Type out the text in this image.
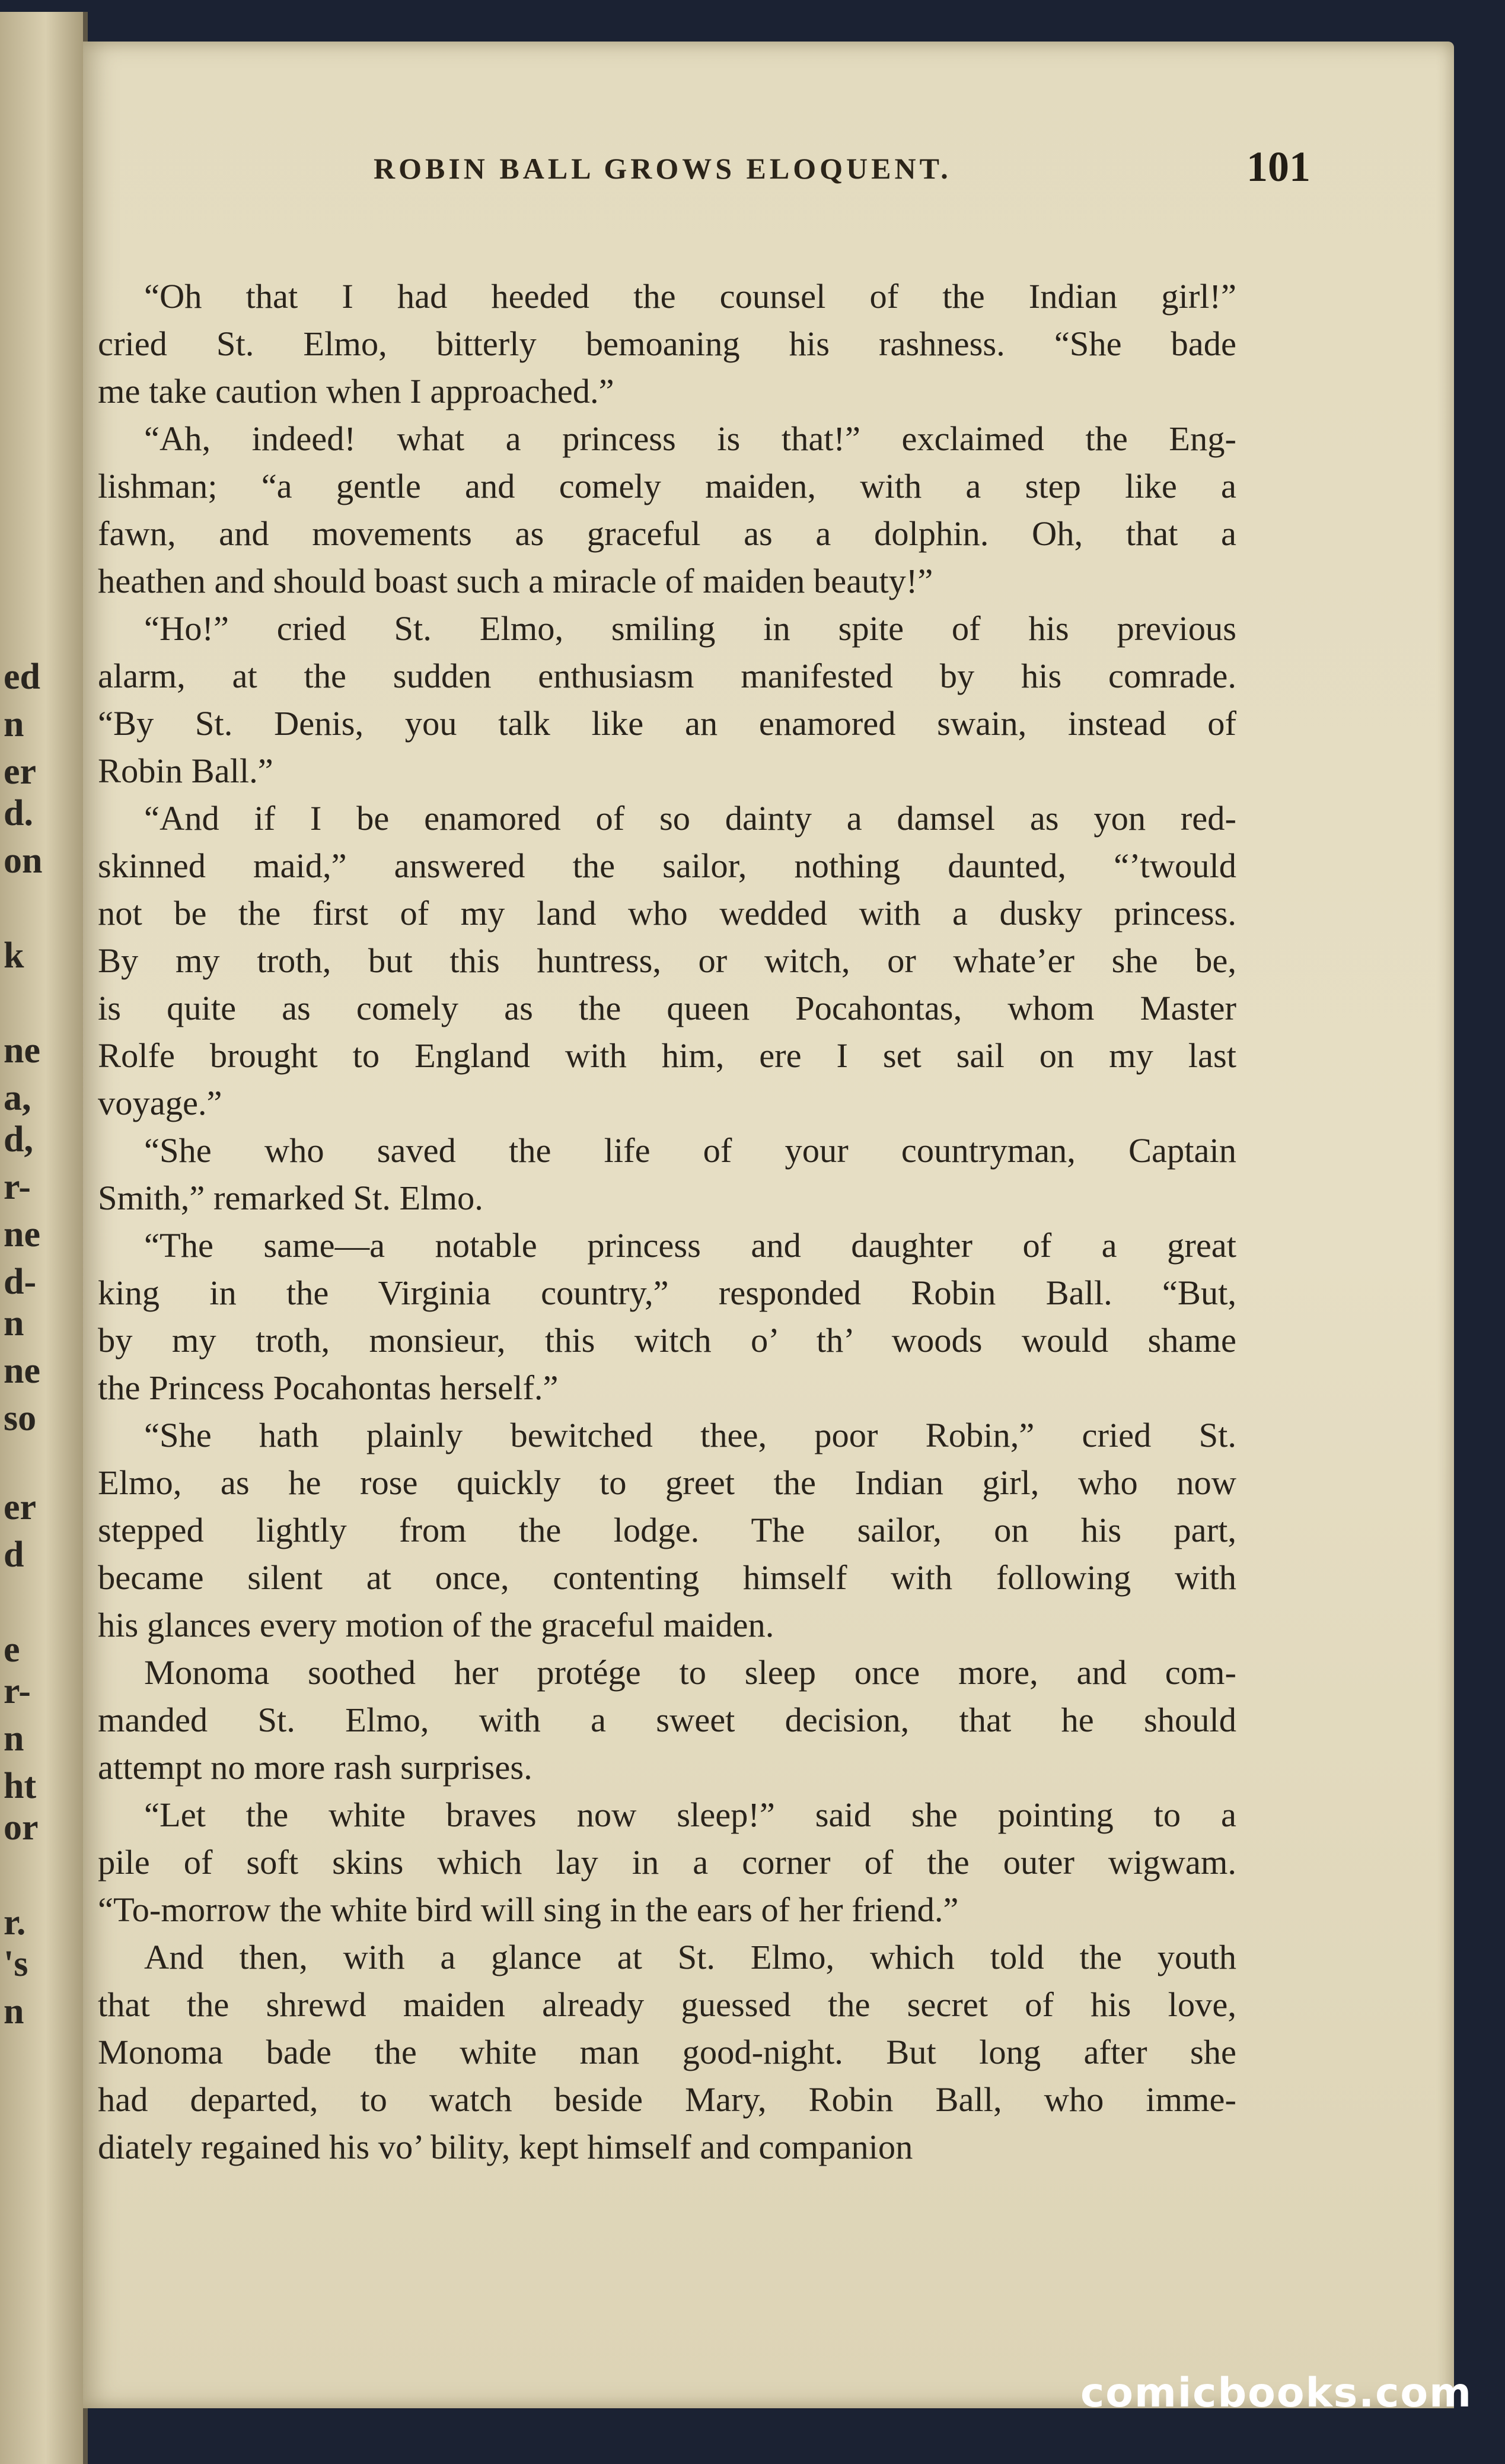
ed
n
er
d.
on
k
ne
a,
d,
r-
ne
d-
n
ne
so
er
d
e
r-
n
ht
or
r.
's
n
ROBIN BALL GROWS ELOQUENT.	101
“Oh that I had heeded the counsel of the Indian girl!”
cried St. Elmo, bitterly bemoaning his rashness. “She bade
me take caution when I approached.”
“Ah, indeed! what a princess is that!” exclaimed the Eng-
lishman; “a gentle and comely maiden, with a step like a
fawn, and movements as graceful as a dolphin. Oh, that a
heathen and should boast such a miracle of maiden beauty!”
“Ho!” cried St. Elmo, smiling in spite of his previous
alarm, at the sudden enthusiasm manifested by his comrade.
“By St. Denis, you talk like an enamored swain, instead of
Robin Ball.”
“And if I be enamored of so dainty a damsel as yon red-
skinned maid,” answered the sailor, nothing daunted, “’twould
not be the first of my land who wedded with a dusky princess.
By my troth, but this huntress, or witch, or whate’er she be,
is quite as comely as the queen Pocahontas, whom Master
Rolfe brought to England with him, ere I set sail on my last
voyage.”
“She who saved the life of your countryman, Captain
Smith,” remarked St. Elmo.
“The same—a notable princess and daughter of a great
king in the Virginia country,” responded Robin Ball. “But,
by my troth, monsieur, this witch o’ th’ woods would shame
the Princess Pocahontas herself.”
“She hath plainly bewitched thee, poor Robin,” cried St.
Elmo, as he rose quickly to greet the Indian girl, who now
stepped lightly from the lodge. The sailor, on his part,
became silent at once, contenting himself with following with
his glances every motion of the graceful maiden.
Monoma soothed her protége to sleep once more, and com-
manded St. Elmo, with a sweet decision, that he should
attempt no more rash surprises.
“Let the white braves now sleep!” said she pointing to a
pile of soft skins which lay in a corner of the outer wigwam.
“To-morrow the white bird will sing in the ears of her friend.”
And then, with a glance at St. Elmo, which told the youth
that the shrewd maiden already guessed the secret of his love,
Monoma bade the white man good-night. But long after she
had departed, to watch beside Mary, Robin Ball, who imme-
diately regained his vo’ bility, kept himself and companion
comicbooks.com
